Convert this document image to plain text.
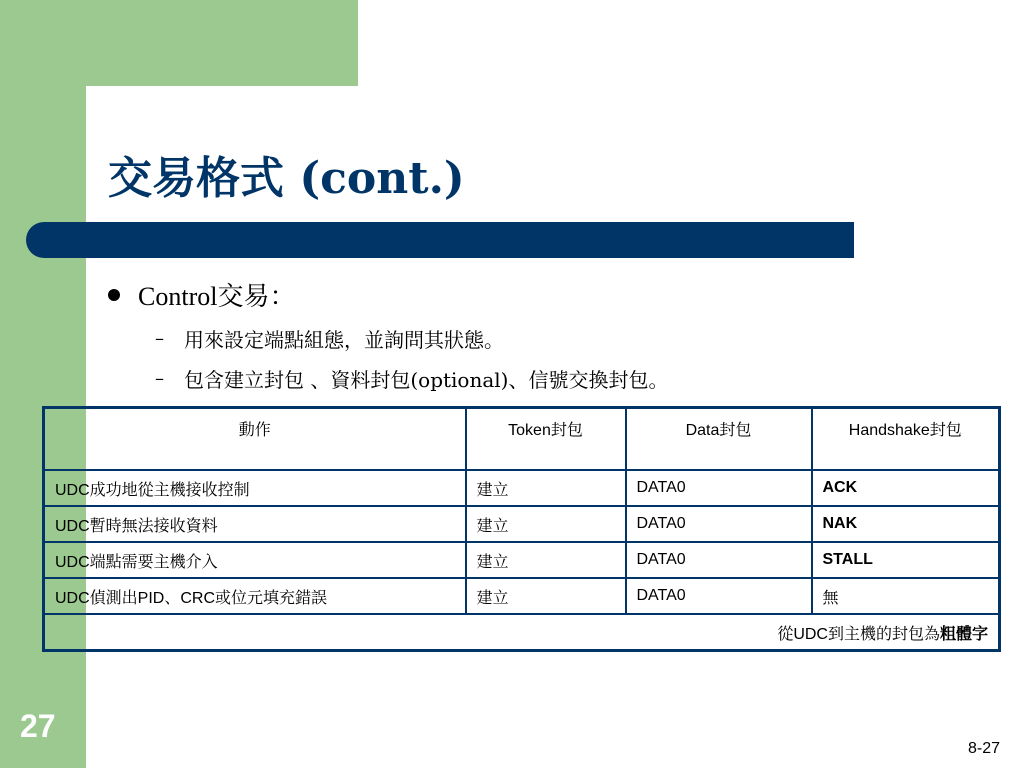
交易格式 (cont.)
Control交易：
– 用來設定端點組態，並詢問其狀態。
– 包含建立封包 、資料封包(optional)、信號交換封包。
動作	Token封包	Data封包	Handshake封包
UDC成功地從主機接收控制	建立	DATA0	ACK
UDC暫時無法接收資料	建立	DATA0	NAK
UDC端點需要主機介入	建立	DATA0	STALL
UDC偵測出PID、CRC或位元填充錯誤	建立	DATA0	無
從UDC到主機的封包為粗體字			
27
8-27
